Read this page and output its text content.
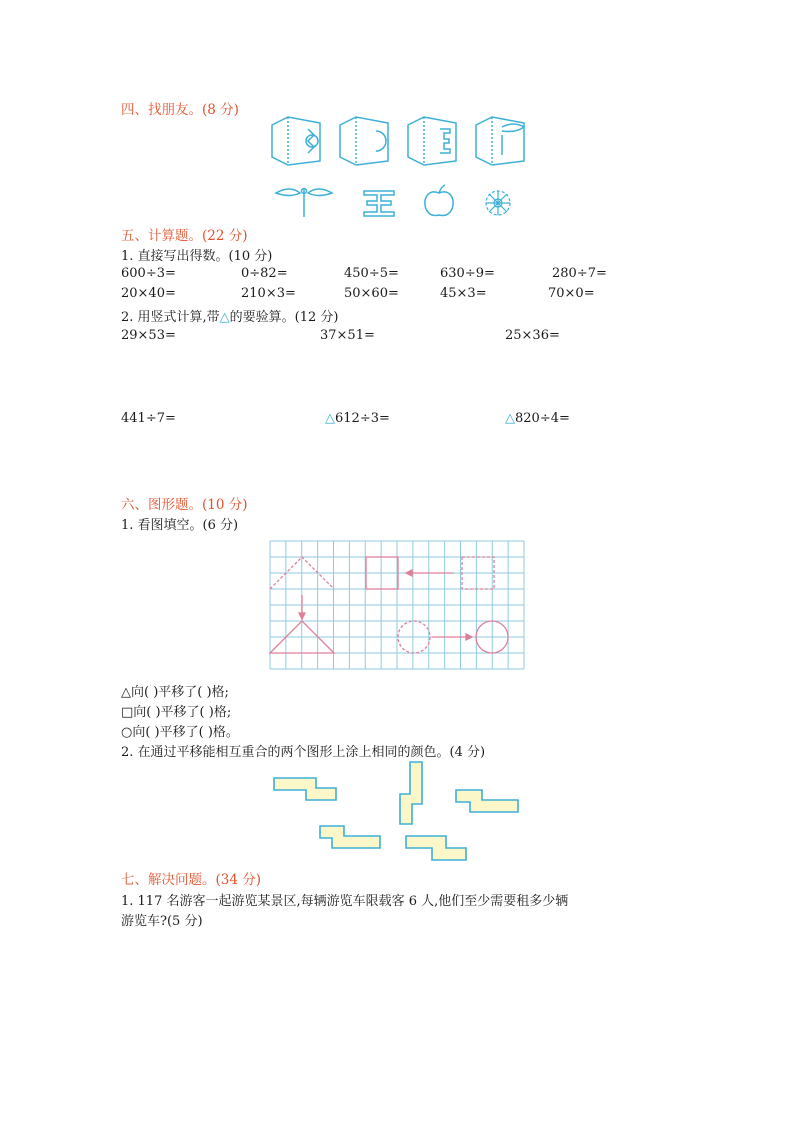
四、找朋友。(8 分)
五、计算题。(22 分)
1. 直接写出得数。(10 分)
600÷3=	0÷82=	450÷5=	630÷9=	280÷7=
20×40=	210×3=	50×60=	45×3=	70×0=
2. 用竖式计算,带△的要验算。(12 分)
29×53=	37×51=	25×36=
441÷7=	△612÷3=	△820÷4=
六、图形题。(10 分)
1. 看图填空。(6 分)
△向( )平移了( )格;
□向( )平移了( )格;
○向( )平移了( )格。
2. 在通过平移能相互重合的两个图形上涂上相同的颜色。(4 分)
七、解决问题。(34 分)
1. 117 名游客一起游览某景区,每辆游览车限载客 6 人,他们至少需要租多少辆
游览车?(5 分)
